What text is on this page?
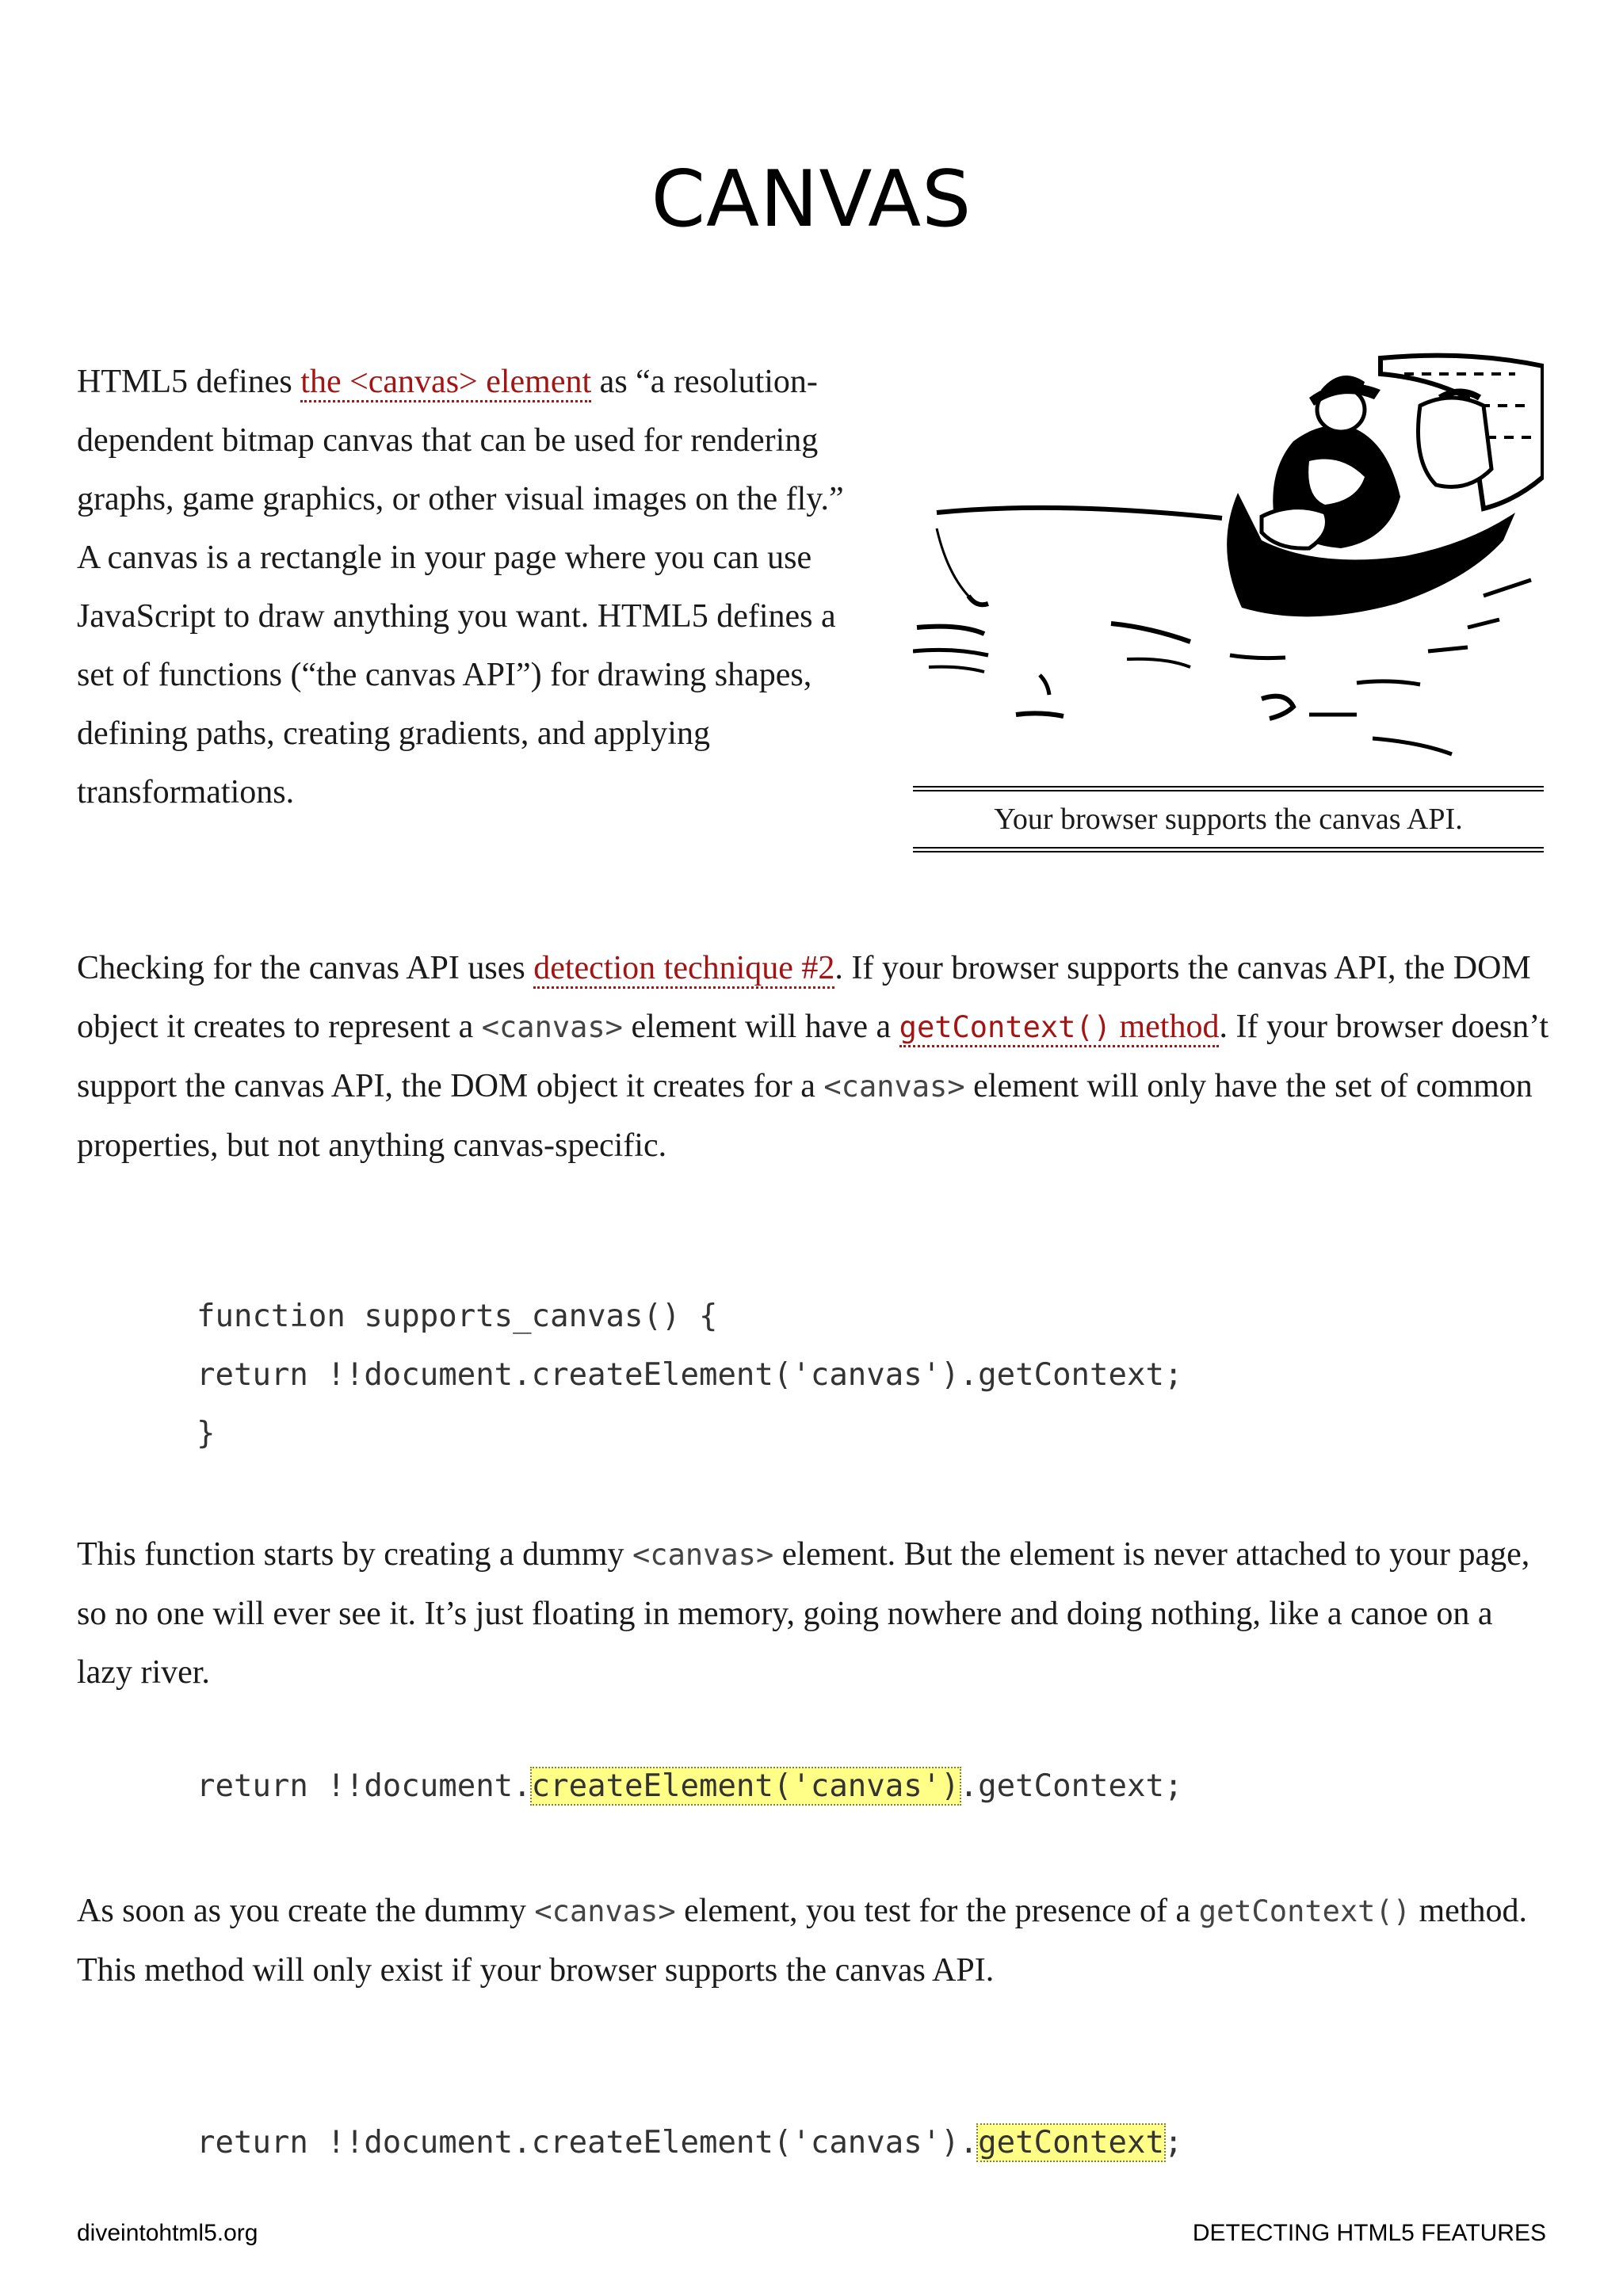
CANVAS

HTML5 defines the <canvas> element as “a resolution-dependent bitmap canvas that can be used for rendering graphs, game graphics, or other visual images on the fly.” A canvas is a rectangle in your page where you can use JavaScript to draw anything you want. HTML5 defines a set of functions (“the canvas API”) for drawing shapes, defining paths, creating gradients, and applying transformations.

Your browser supports the canvas API.

Checking for the canvas API uses detection technique #2. If your browser supports the canvas API, the DOM object it creates to represent a <canvas> element will have a getContext() method. If your browser doesn’t support the canvas API, the DOM object it creates for a <canvas> element will only have the set of common properties, but not anything canvas-specific.

function supports_canvas() {
return !!document.createElement('canvas').getContext;
}

This function starts by creating a dummy <canvas> element. But the element is never attached to your page, so no one will ever see it. It’s just floating in memory, going nowhere and doing nothing, like a canoe on a lazy river.

return !!document.createElement('canvas').getContext;

As soon as you create the dummy <canvas> element, you test for the presence of a getContext() method. This method will only exist if your browser supports the canvas API.

return !!document.createElement('canvas').getContext;
diveintohtml5.org	DETECTING HTML5 FEATURES
